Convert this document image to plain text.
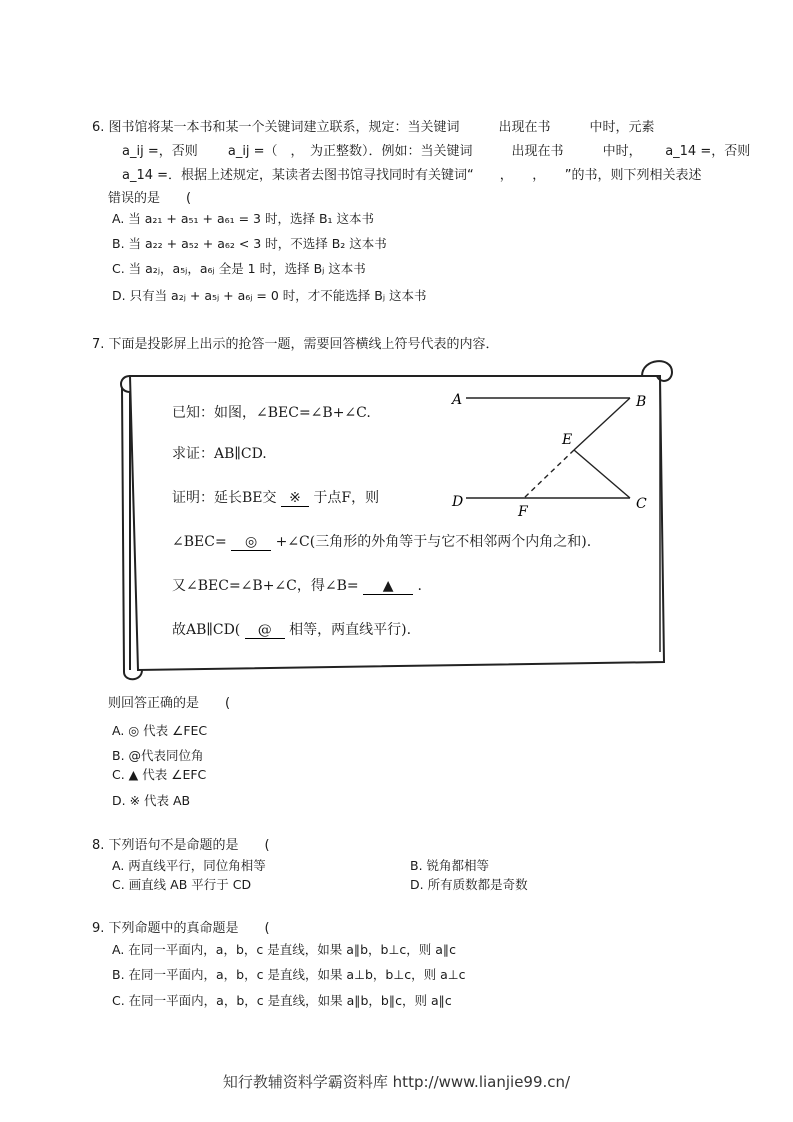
6. 图书馆将某一本书和某一个关键词建立联系，规定：当关键词　　　出现在书　　　中时，元素
a_ij =，否则　　 a_ij =（　，　为正整数）．例如：当关键词　　　出现在书　　　中时，　　 a_14 =，否则
a_14 =．根据上述规定，某读者去图书馆寻找同时有关键词“　　，　　，　　”的书，则下列相关表述
错误的是　　(
A. 当 a₂₁ + a₅₁ + a₆₁ = 3 时，选择 B₁ 这本书
B. 当 a₂₂ + a₅₂ + a₆₂ < 3 时，不选择 B₂ 这本书
C. 当 a₂ⱼ，a₅ⱼ，a₆ⱼ 全是 1 时，选择 Bⱼ 这本书
D. 只有当 a₂ⱼ + a₅ⱼ + a₆ⱼ = 0 时，才不能选择 Bⱼ 这本书
7. 下面是投影屏上出示的抢答一题，需要回答横线上符号代表的内容．
A	B
E
D
F	C
已知：如图，∠BEC=∠B+∠C.
求证：AB∥CD.
证明：延长BE交 ※ 于点F，则
∠BEC= ◎ +∠C(三角形的外角等于与它不相邻两个内角之和).
又∠BEC=∠B+∠C，得∠B= ▲ .
故AB∥CD( @ 相等，两直线平行).
则回答正确的是　　(
A. ◎ 代表 ∠FEC
B. @代表同位角
C. ▲ 代表 ∠EFC
D. ※ 代表 AB
8. 下列语句不是命题的是　　(
A. 两直线平行，同位角相等	B. 锐角都相等
C. 画直线 AB 平行于 CD	D. 所有质数都是奇数
9. 下列命题中的真命题是　　(
A. 在同一平面内，a，b，c 是直线，如果 a∥b，b⊥c，则 a∥c
B. 在同一平面内，a，b，c 是直线，如果 a⊥b，b⊥c，则 a⊥c
C. 在同一平面内，a，b，c 是直线，如果 a∥b，b∥c，则 a∥c
知行教辅资料学霸资料库 http://www.lianjie99.cn/
